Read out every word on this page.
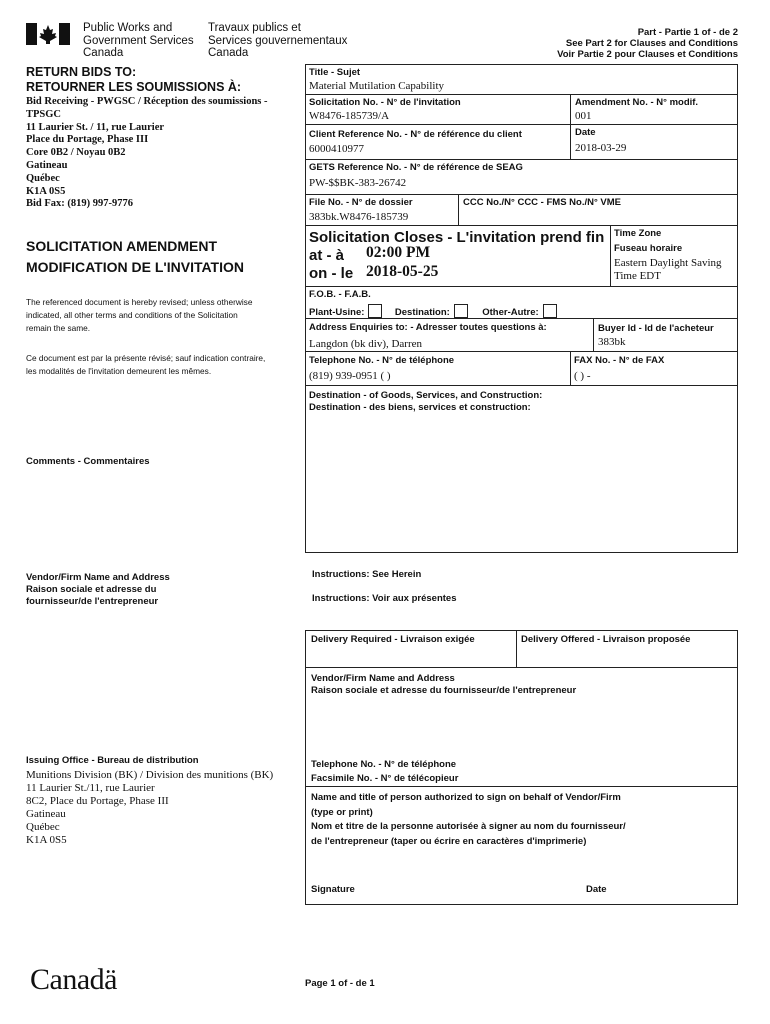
Public Works and
Government Services
Canada
Travaux publics et
Services gouvernementaux
Canada
Part - Partie 1 of - de 2
See Part 2 for Clauses and Conditions
Voir Partie 2 pour Clauses et Conditions
RETURN BIDS TO:
RETOURNER LES SOUMISSIONS À:
Bid Receiving - PWGSC / Réception des soumissions -
TPSGC
11 Laurier St. / 11, rue Laurier
Place du Portage, Phase III
Core 0B2 / Noyau 0B2
Gatineau
Québec
K1A 0S5
Bid Fax: (819) 997-9776
SOLICITATION AMENDMENT
MODIFICATION DE L'INVITATION
The referenced document is hereby revised; unless otherwise
indicated, all other terms and conditions of the Solicitation
remain the same.
Ce document est par la présente révisé; sauf indication contraire,
les modalités de l'invitation demeurent les mêmes.
Comments - Commentaires
Vendor/Firm Name and Address
Raison sociale et adresse du
fournisseur/de l'entrepreneur
Issuing Office - Bureau de distribution
Munitions Division (BK) / Division des munitions (BK)
11 Laurier St./11, rue Laurier
8C2, Place du Portage, Phase III
Gatineau
Québec
K1A 0S5
Title - Sujet
Material Mutilation Capability
Solicitation No. - N° de l'invitation
W8476-185739/A
Amendment No. - N° modif.
001
Client Reference No. - N° de référence du client
6000410977
Date
2018-03-29
GETS Reference No. - N° de référence de SEAG
PW-$$BK-383-26742
File No. - N° de dossier
383bk.W8476-185739
CCC No./N° CCC - FMS No./N° VME
Solicitation Closes - L'invitation prend fin
at - à 02:00 PM
on - le 2018-05-25
Time Zone
Fuseau horaire
Eastern Daylight Saving
Time EDT
F.O.B. - F.A.B.
Plant-Usine:	Destination:	Other-Autre:
Address Enquiries to: - Adresser toutes questions à:
Langdon (bk div), Darren
Buyer Id - Id de l'acheteur
383bk
Telephone No. - N° de téléphone
(819) 939-0951 ( )
FAX No. - N° de FAX
( ) -
Destination - of Goods, Services, and Construction:
Destination - des biens, services et construction:
Instructions: See Herein
Instructions: Voir aux présentes
Delivery Required - Livraison exigée	Delivery Offered - Livraison proposée
Vendor/Firm Name and Address
Raison sociale et adresse du fournisseur/de l'entrepreneur
Telephone No. - N° de téléphone
Facsimile No. - N° de télécopieur
Name and title of person authorized to sign on behalf of Vendor/Firm
(type or print)
Nom et titre de la personne autorisée à signer au nom du fournisseur/
de l'entrepreneur (taper ou écrire en caractères d'imprimerie)
Signature	Date
Canadä	Page 1 of - de 1
